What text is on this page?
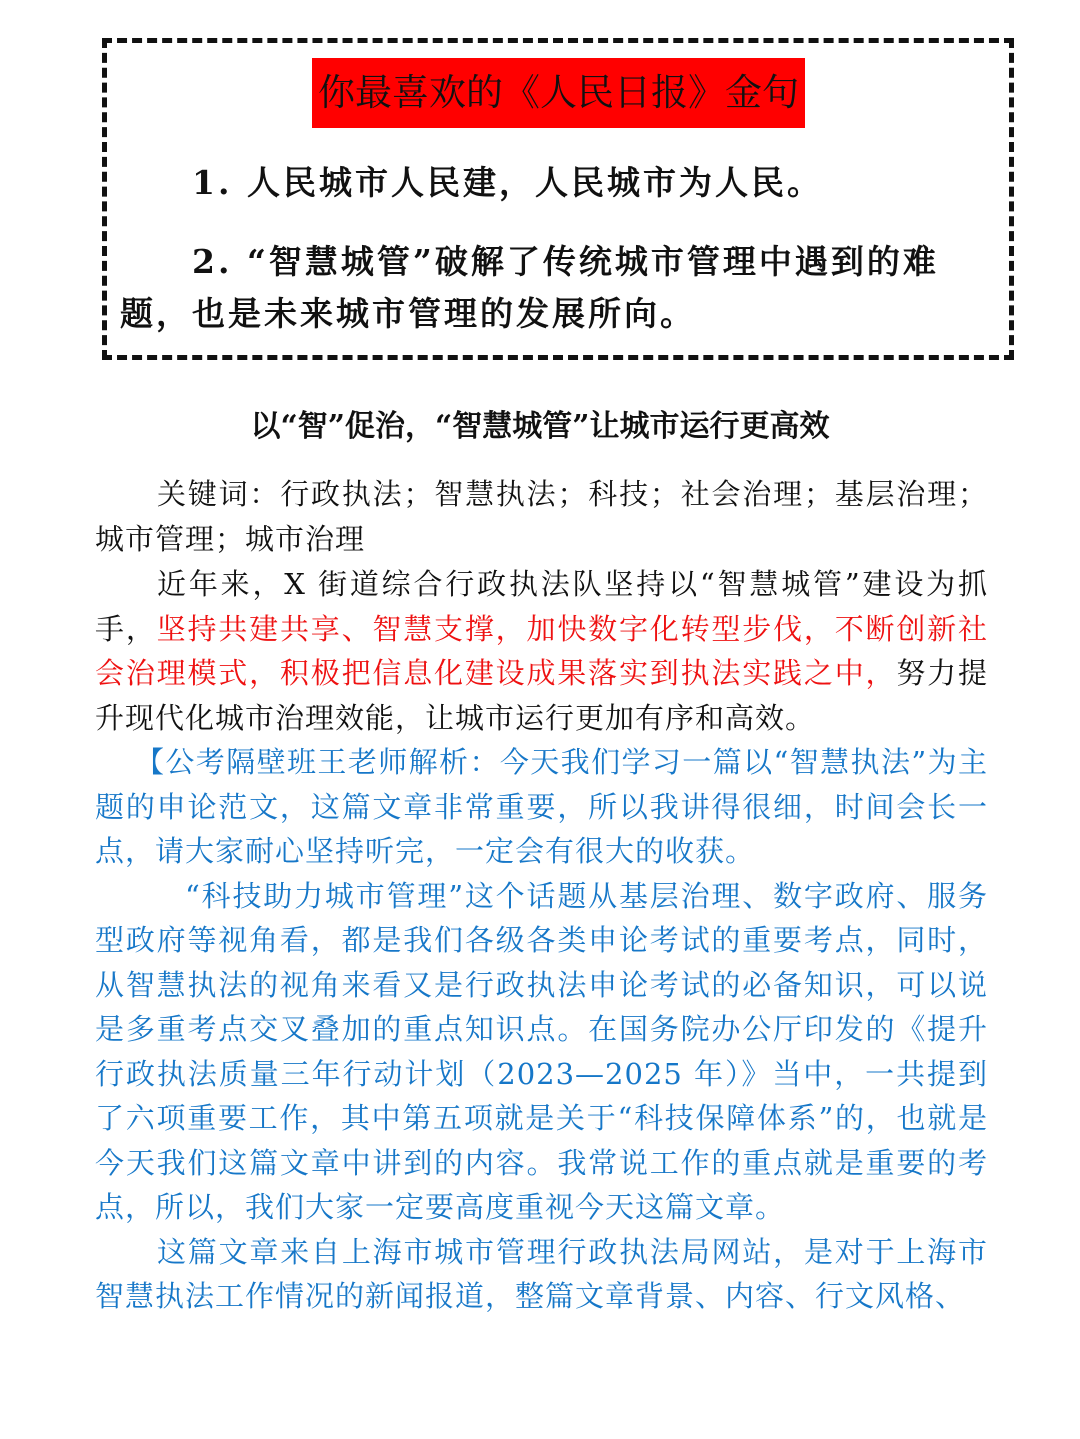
你最喜欢的《人民日报》金句
1. 人民城市人民建，人民城市为人民。
2. “智慧城管”破解了传统城市管理中遇到的难题，也是未来城市管理的发展所向。
以“智”促治，“智慧城管”让城市运行更高效

关键词：行政执法；智慧执法；科技；社会治理；基层治理；城市管理；城市治理

近年来，X 街道综合行政执法队坚持以“智慧城管”建设为抓手，坚持共建共享、智慧支撑，加快数字化转型步伐，不断创新社会治理模式，积极把信息化建设成果落实到执法实践之中，努力提升现代化城市治理效能，让城市运行更加有序和高效。

【公考隔壁班王老师解析：今天我们学习一篇以“智慧执法”为主题的申论范文，这篇文章非常重要，所以我讲得很细，时间会长一点，请大家耐心坚持听完，一定会有很大的收获。

“科技助力城市管理”这个话题从基层治理、数字政府、服务型政府等视角看，都是我们各级各类申论考试的重要考点，同时，从智慧执法的视角来看又是行政执法申论考试的必备知识，可以说是多重考点交叉叠加的重点知识点。在国务院办公厅印发的《提升行政执法质量三年行动计划（2023—2025 年）》当中，一共提到了六项重要工作，其中第五项就是关于“科技保障体系”的，也就是今天我们这篇文章中讲到的内容。我常说工作的重点就是重要的考点，所以，我们大家一定要高度重视今天这篇文章。

这篇文章来自上海市城市管理行政执法局网站，是对于上海市智慧执法工作情况的新闻报道，整篇文章背景、内容、行文风格、
